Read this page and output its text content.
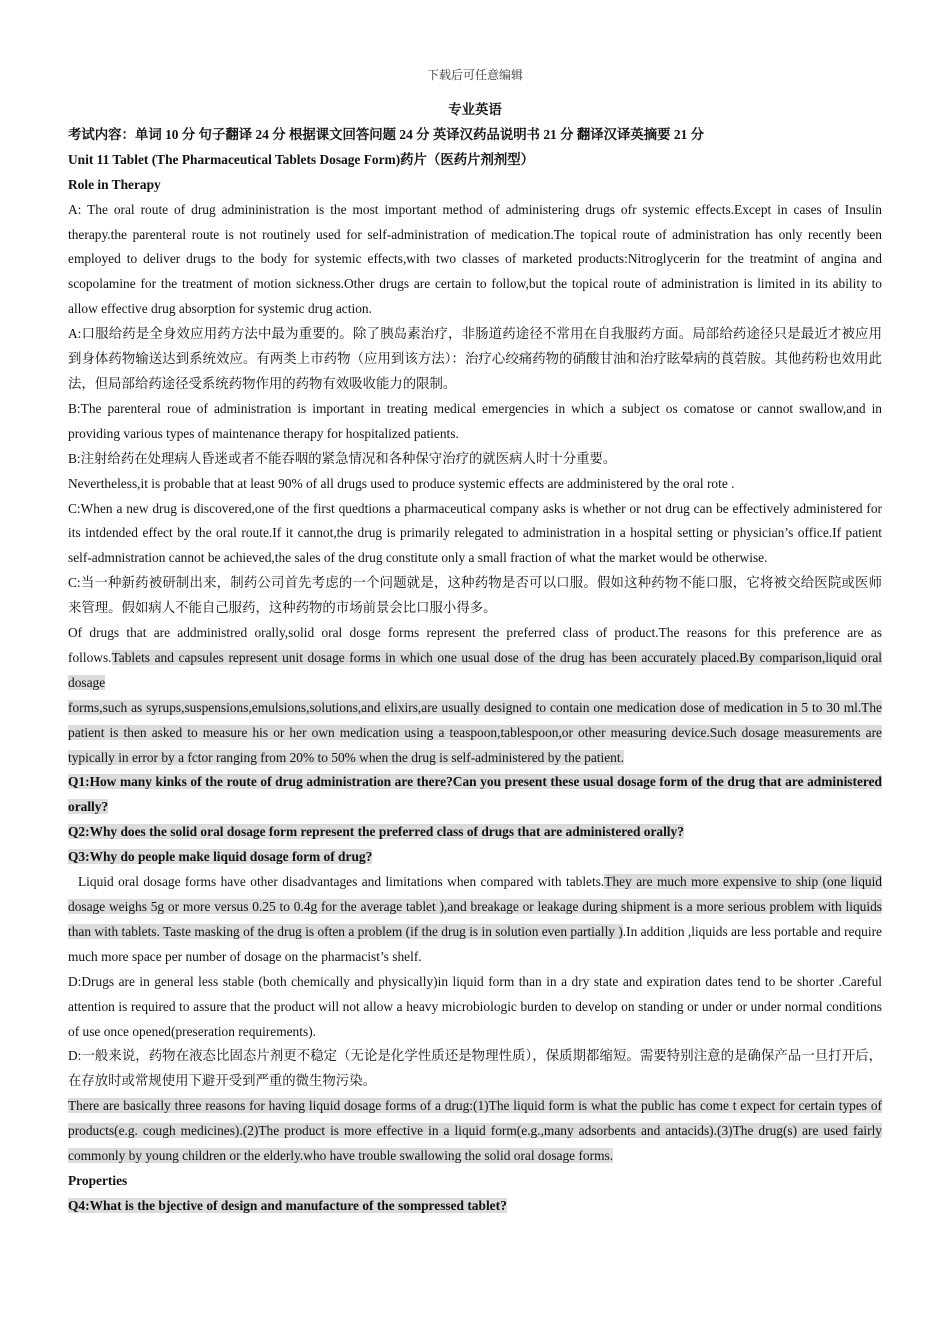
下载后可任意编辑

专业英语

考试内容：单词 10 分 句子翻译 24 分 根据课文回答问题 24 分 英译汉药品说明书 21 分 翻译汉译英摘要 21 分

Unit 11 Tablet (The Pharmaceutical Tablets Dosage Form)药片（医药片剂剂型）

Role in Therapy

A: The oral route of drug admininistration is the most important method of administering drugs ofr systemic effects.Except in cases of Insulin therapy.the parenteral route is not routinely used for self-administration of medication.The topical route of administration has only recently been employed to deliver drugs to the body for systemic effects,with two classes of marketed products:Nitroglycerin for the treatmint of angina and scopolamine for the treatment of motion sickness.Other drugs are certain to follow,but the topical route of administration is limited in its ability to allow effective drug absorption for systemic drug action.

A:口服给药是全身效应用药方法中最为重要的。除了胰岛素治疗，非肠道药途径不常用在自我服药方面。局部给药途径只是最近才被应用到身体药物输送达到系统效应。有两类上市药物（应用到该方法）：治疗心绞痛药物的硝酸甘油和治疗眩晕病的莨菪胺。其他药粉也效用此法，但局部给药途径受系统药物作用的药物有效吸收能力的限制。

B:The parenteral roue of administration is important in treating medical emergencies in which a subject os comatose or cannot swallow,and in providing various types of maintenance therapy for hospitalized patients.

B:注射给药在处理病人昏迷或者不能吞咽的紧急情况和各种保守治疗的就医病人时十分重要。

Nevertheless,it is probable that at least 90% of all drugs used to produce systemic effects are addministered by the oral rote .

C:When a new drug is discovered,one of the first quedtions a pharmaceutical company asks is whether or not drug can be effectively administered for its intdended effect by the oral route.If it cannot,the drug is primarily relegated to administration in a hospital setting or physician’s office.If patient self-admnistration cannot be achieved,the sales of the drug constitute only a small fraction of what the market would be otherwise.

C:当一种新药被研制出来，制药公司首先考虑的一个问题就是，这种药物是否可以口服。假如这种药物不能口服，它将被交给医院或医师来管理。假如病人不能自己服药，这种药物的市场前景会比口服小得多。

Of drugs that are addministred orally,solid oral dosge forms represent the preferred class of product.The reasons for this preference are as follows.Tablets and capsules represent unit dosage forms in which one usual dose of the drug has been accurately placed.By comparison,liquid oral dosage

forms,such as syrups,suspensions,emulsions,solutions,and elixirs,are usually designed to contain one medication dose of medication in 5 to 30 ml.The patient is then asked to measure his or her own medication using a teaspoon,tablespoon,or other measuring device.Such dosage measurements are typically in error by a fctor ranging from 20% to 50% when the drug is self-administered by the patient.

Q1:How many kinks of the route of drug administration are there?Can you present these usual dosage form of the drug that are administered orally?

Q2:Why does the solid oral dosage form represent the preferred class of drugs that are administered orally?

Q3:Why do people make liquid dosage form of drug?

Liquid oral dosage forms have other disadvantages and limitations when compared with tablets.They are much more expensive to ship (one liquid dosage weighs 5g or more versus 0.25 to 0.4g for the average tablet ),and breakage or leakage during shipment is a more serious problem with liquids than with tablets. Taste masking of the drug is often a problem (if the drug is in solution even partially ).In addition ,liquids are less portable and require much more space per number of dosage on the pharmacist’s shelf.

D:Drugs are in general less stable (both chemically and physically)in liquid form than in a dry state and expiration dates tend to be shorter .Careful attention is required to assure that the product will not allow a heavy microbiologic burden to develop on standing or under or under normal conditions of use once opened(preseration requirements).

D:一般来说，药物在液态比固态片剂更不稳定（无论是化学性质还是物理性质），保质期都缩短。需要特别注意的是确保产品一旦打开后，在存放时或常规使用下避开受到严重的微生物污染。

There are basically three reasons for having liquid dosage forms of a drug:(1)The liquid form is what the public has come t expect for certain types of products(e.g. cough medicines).(2)The product is more effective in a liquid form(e.g.,many adsorbents and antacids).(3)The drug(s) are used fairly commonly by young children or the elderly.who have trouble swallowing the solid oral dosage forms.

Properties

Q4:What is the bjective of design and manufacture of the sompressed tablet?
